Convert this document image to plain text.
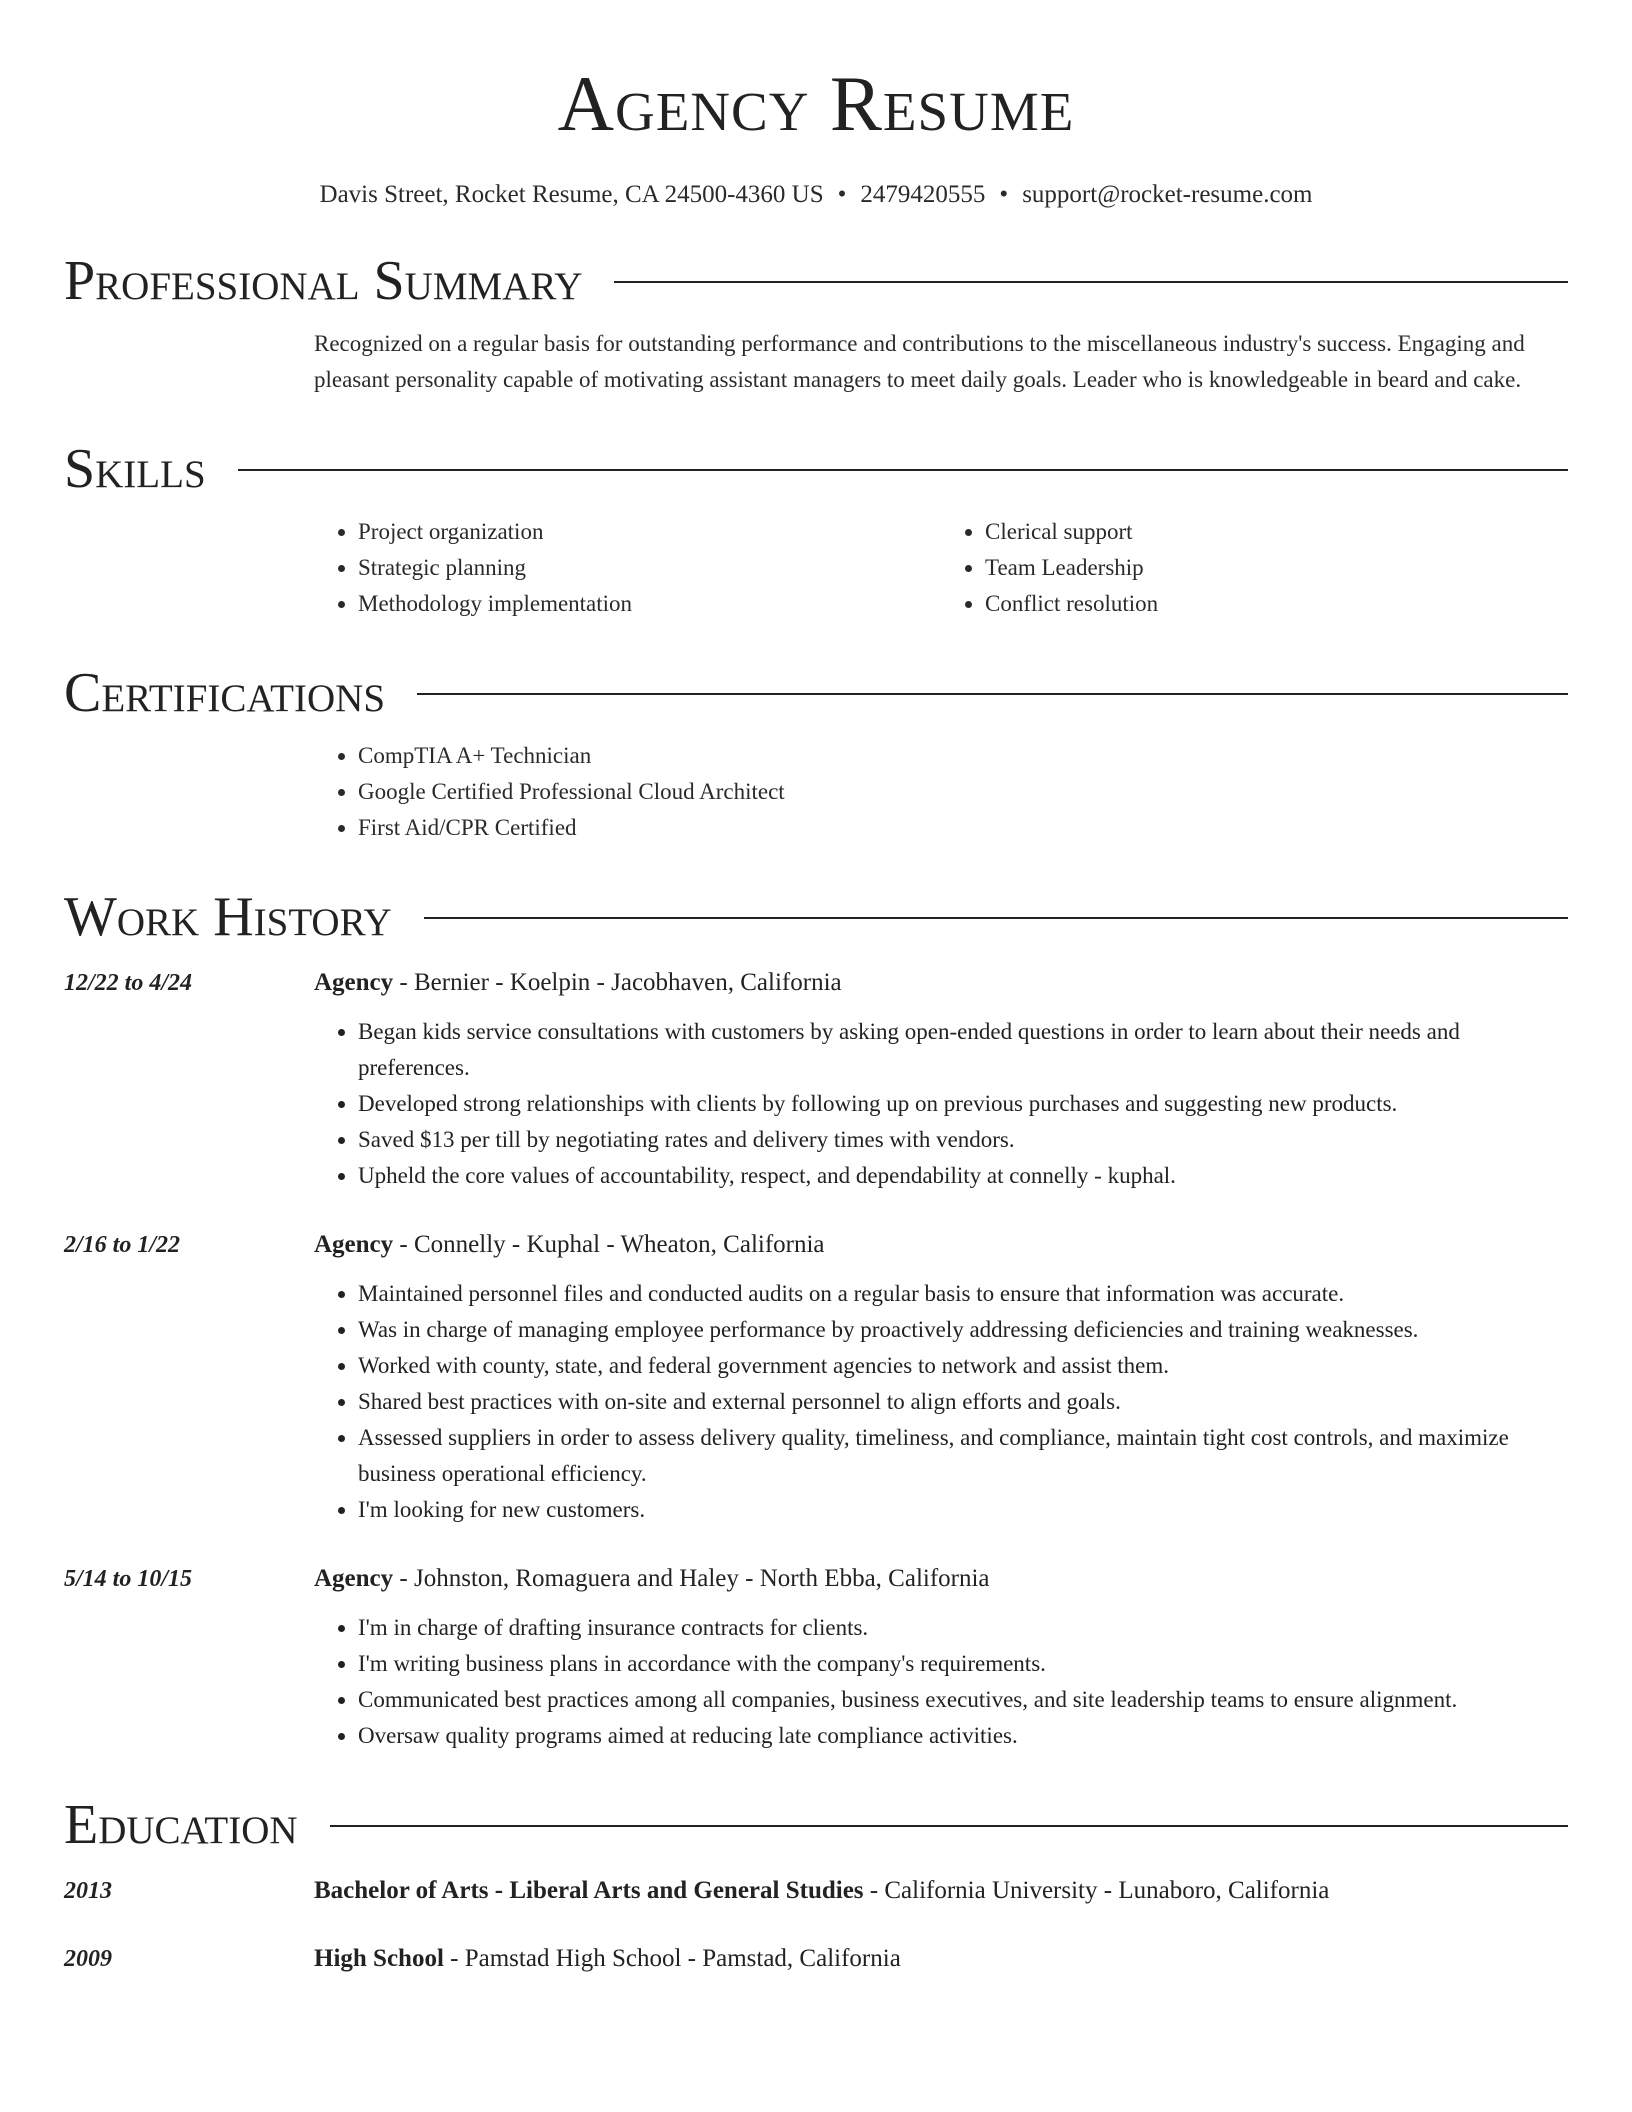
Agency Resume
Davis Street, Rocket Resume, CA 24500-4360 US • 2479420555 • support@rocket-resume.com
Professional Summary
Recognized on a regular basis for outstanding performance and contributions to the miscellaneous industry's success. Engaging and pleasant personality capable of motivating assistant managers to meet daily goals. Leader who is knowledgeable in beard and cake.
Skills
• Project organization
• Strategic planning
• Methodology implementation
• Clerical support
• Team Leadership
• Conflict resolution
Certifications
• CompTIA A+ Technician
• Google Certified Professional Cloud Architect
• First Aid/CPR Certified
Work History
12/22 to 4/24	Agency - Bernier - Koelpin - Jacobhaven, California
• Began kids service consultations with customers by asking open-ended questions in order to learn about their needs and preferences.
• Developed strong relationships with clients by following up on previous purchases and suggesting new products.
• Saved $13 per till by negotiating rates and delivery times with vendors.
• Upheld the core values of accountability, respect, and dependability at connelly - kuphal.
2/16 to 1/22	Agency - Connelly - Kuphal - Wheaton, California
• Maintained personnel files and conducted audits on a regular basis to ensure that information was accurate.
• Was in charge of managing employee performance by proactively addressing deficiencies and training weaknesses.
• Worked with county, state, and federal government agencies to network and assist them.
• Shared best practices with on-site and external personnel to align efforts and goals.
• Assessed suppliers in order to assess delivery quality, timeliness, and compliance, maintain tight cost controls, and maximize business operational efficiency.
• I'm looking for new customers.
5/14 to 10/15	Agency - Johnston, Romaguera and Haley - North Ebba, California
• I'm in charge of drafting insurance contracts for clients.
• I'm writing business plans in accordance with the company's requirements.
• Communicated best practices among all companies, business executives, and site leadership teams to ensure alignment.
• Oversaw quality programs aimed at reducing late compliance activities.
Education
2013	Bachelor of Arts - Liberal Arts and General Studies - California University - Lunaboro, California
2009	High School - Pamstad High School - Pamstad, California
